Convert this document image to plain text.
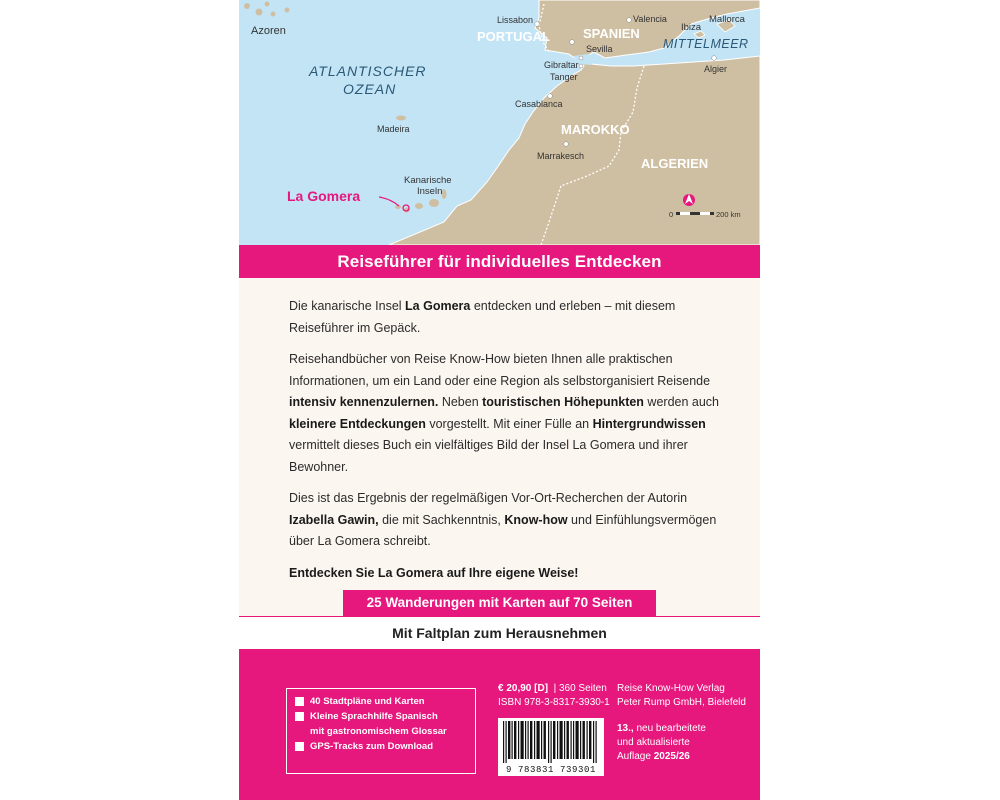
Azoren
ATLANTISCHER
OZEAN
Madeira
Kanarische
Inseln
La Gomera
Lissabon
PORTUGAL	SPANIEN
Sevilla
Gibraltar
Tanger
Valencia
Ibiza
Mallorca
MITTELMEER
Algier
Casablanca
MAROKKO
Marrakesch	ALGERIEN
0	200 km
Reiseführer für individuelles Entdecken

Die kanarische Insel La Gomera entdecken und erleben – mit diesem Reiseführer im Gepäck.

Reisehandbücher von Reise Know-How bieten Ihnen alle praktischen Informationen, um ein Land oder eine Region als selbstorganisiert Reisende intensiv kennenzulernen. Neben touristischen Höhepunkten werden auch kleinere Entdeckungen vorgestellt. Mit einer Fülle an Hintergrundwissen vermittelt dieses Buch ein vielfältiges Bild der Insel La Gomera und ihrer Bewohner.

Dies ist das Ergebnis der regelmäßigen Vor-Ort-Recherchen der Autorin Izabella Gawin, die mit Sachkenntnis, Know-how und Einfühlungsvermögen über La Gomera schreibt.

Entdecken Sie La Gomera auf Ihre eigene Weise!

25 Wanderungen mit Karten auf 70 Seiten
Mit Faltplan zum Herausnehmen
40 Stadtpläne und Karten
Kleine Sprachhilfe Spanisch
mit gastronomischem Glossar
GPS-Tracks zum Download
€ 20,90 [D] | 360 Seiten
ISBN 978-3-8317-3930-1
9 783831 739301
Reise Know-How Verlag
Peter Rump GmbH, Bielefeld
13., neu bearbeitete
und aktualisierte
Auflage 2025/26
